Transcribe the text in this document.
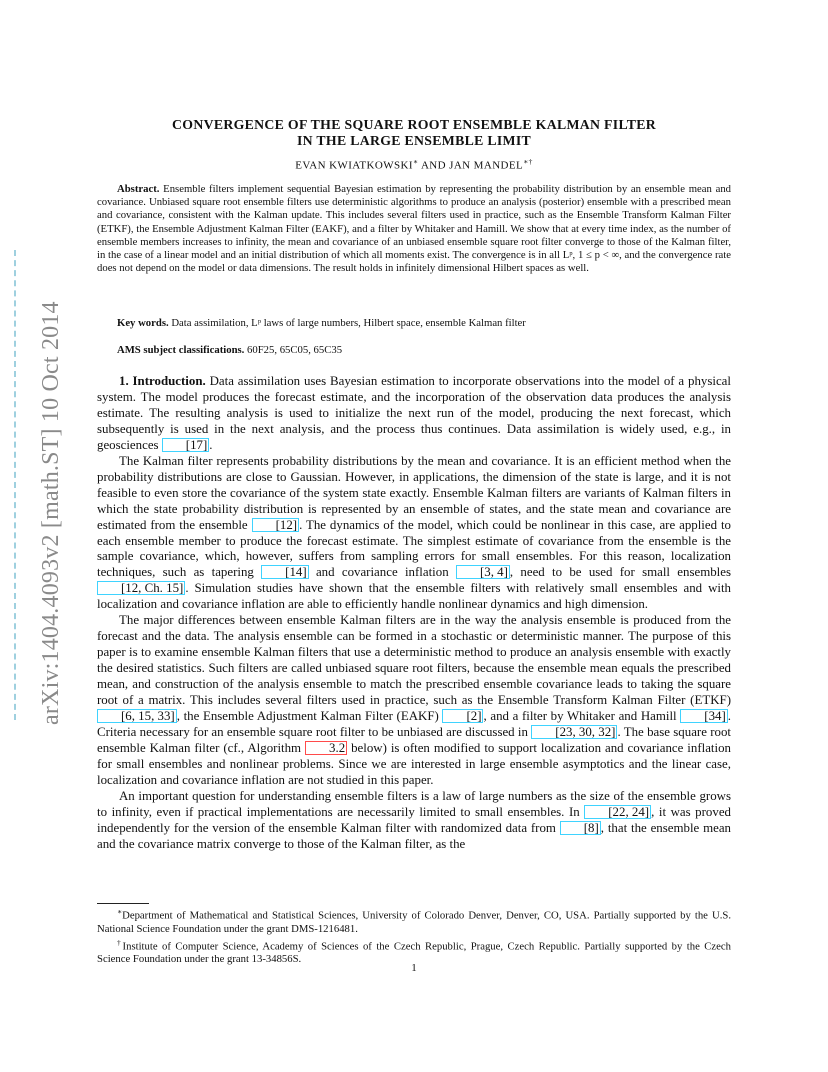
arXiv:1404.4093v2 [math.ST] 10 Oct 2014
CONVERGENCE OF THE SQUARE ROOT ENSEMBLE KALMAN FILTER
IN THE LARGE ENSEMBLE LIMIT
EVAN KWIATKOWSKI∗ AND JAN MANDEL∗†

Abstract. Ensemble filters implement sequential Bayesian estimation by representing the probability distribution by an ensemble mean and covariance. Unbiased square root ensemble filters use deterministic algorithms to produce an analysis (posterior) ensemble with a prescribed mean and covariance, consistent with the Kalman update. This includes several filters used in practice, such as the Ensemble Transform Kalman Filter (ETKF), the Ensemble Adjustment Kalman Filter (EAKF), and a filter by Whitaker and Hamill. We show that at every time index, as the number of ensemble members increases to infinity, the mean and covariance of an unbiased ensemble square root filter converge to those of the Kalman filter, in the case of a linear model and an initial distribution of which all moments exist. The convergence is in all Lᵖ, 1 ≤ p < ∞, and the convergence rate does not depend on the model or data dimensions. The result holds in infinitely dimensional Hilbert spaces as well.

Key words. Data assimilation, Lᵖ laws of large numbers, Hilbert space, ensemble Kalman filter

AMS subject classifications. 60F25, 65C05, 65C35

1. Introduction. Data assimilation uses Bayesian estimation to incorporate observations into the model of a physical system. The model produces the forecast estimate, and the incorporation of the observation data produces the analysis estimate. The resulting analysis is used to initialize the next run of the model, producing the next forecast, which subsequently is used in the next analysis, and the process thus continues. Data assimilation is widely used, e.g., in geosciences [17] .

The Kalman filter represents probability distributions by the mean and covariance. It is an efficient method when the probability distributions are close to Gaussian. However, in applications, the dimension of the state is large, and it is not feasible to even store the covariance of the system state exactly. Ensemble Kalman filters are variants of Kalman filters in which the state probability distribution is represented by an ensemble of states, and the state mean and covariance are estimated from the ensemble [12] . The dynamics of the model, which could be nonlinear in this case, are applied to each ensemble member to produce the forecast estimate. The simplest estimate of covariance from the ensemble is the sample covariance, which, however, suffers from sampling errors for small ensembles. For this reason, localization techniques, such as tapering [14] and covariance inflation [3, 4] , need to be used for small ensembles [12, Ch. 15] . Simulation studies have shown that the ensemble filters with relatively small ensembles and with localization and covariance inflation are able to efficiently handle nonlinear dynamics and high dimension.

The major differences between ensemble Kalman filters are in the way the analysis ensemble is produced from the forecast and the data. The analysis ensemble can be formed in a stochastic or deterministic manner. The purpose of this paper is to examine ensemble Kalman filters that use a deterministic method to produce an analysis ensemble with exactly the desired statistics. Such filters are called unbiased square root filters, because the ensemble mean equals the prescribed mean, and construction of the analysis ensemble to match the prescribed ensemble covariance leads to taking the square root of a matrix. This includes several filters used in practice, such as the Ensemble Transform Kalman Filter (ETKF) [6, 15, 33] , the Ensemble Adjustment Kalman Filter (EAKF) [2] , and a filter by Whitaker and Hamill [34] . Criteria necessary for an ensemble square root filter to be unbiased are discussed in [23, 30, 32] . The base square root ensemble Kalman filter (cf., Algorithm 3.2 below) is often modified to support localization and covariance inflation for small ensembles and nonlinear problems. Since we are interested in large ensemble asymptotics and the linear case, localization and covariance inflation are not studied in this paper.

An important question for understanding ensemble filters is a law of large numbers as the size of the ensemble grows to infinity, even if practical implementations are necessarily limited to small ensembles. In [22, 24] , it was proved independently for the version of the ensemble Kalman filter with randomized data from [8] , that the ensemble mean and the covariance matrix converge to those of the Kalman filter, as the

∗Department of Mathematical and Statistical Sciences, University of Colorado Denver, Denver, CO, USA. Partially supported by the U.S. National Science Foundation under the grant DMS-1216481.

†Institute of Computer Science, Academy of Sciences of the Czech Republic, Prague, Czech Republic. Partially supported by the Czech Science Foundation under the grant 13-34856S.

1
